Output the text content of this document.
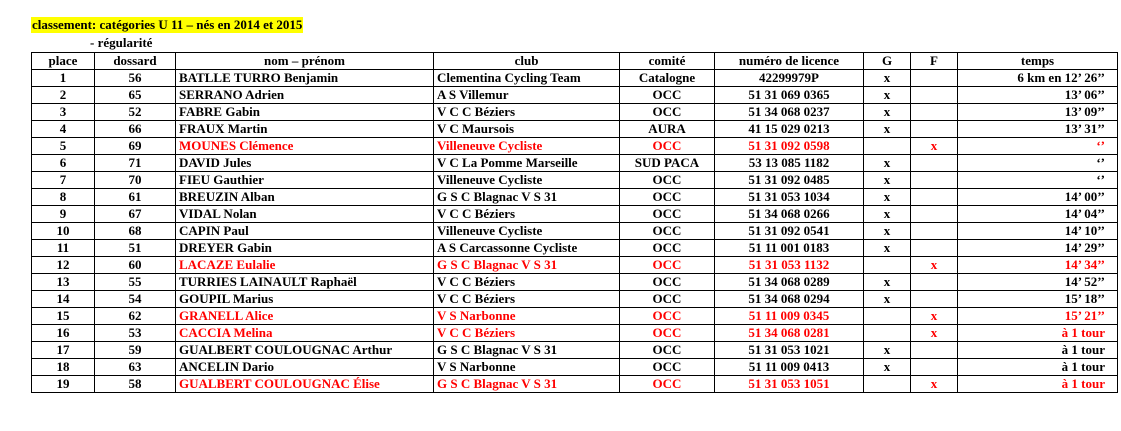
classement: catégories U 11 – nés en 2014 et 2015
- régularité
place	dossard	nom – prénom	club	comité	numéro de licence	G	F	temps
1	56	BATLLE TURRO Benjamin	Clementina Cycling Team	Catalogne	42299979P	x		6 km en 12’ 26’’
2	65	SERRANO Adrien	A S Villemur	OCC	51 31 069 0365	x		13’ 06’’
3	52	FABRE Gabin	V C C Béziers	OCC	51 34 068 0237	x		13’ 09’’
4	66	FRAUX Martin	V C Maursois	AURA	41 15 029 0213	x		13’ 31’’
5	69	MOUNES Clémence	Villeneuve Cycliste	OCC	51 31 092 0598		x	‘’
6	71	DAVID Jules	V C La Pomme Marseille	SUD PACA	53 13 085 1182	x		‘’
7	70	FIEU Gauthier	Villeneuve Cycliste	OCC	51 31 092 0485	x		‘’
8	61	BREUZIN Alban	G S C Blagnac V S 31	OCC	51 31 053 1034	x		14’ 00’’
9	67	VIDAL Nolan	V C C Béziers	OCC	51 34 068 0266	x		14’ 04’’
10	68	CAPIN Paul	Villeneuve Cycliste	OCC	51 31 092 0541	x		14’ 10’’
11	51	DREYER Gabin	A S Carcassonne Cycliste	OCC	51 11 001 0183	x		14’ 29’’
12	60	LACAZE Eulalie	G S C Blagnac V S 31	OCC	51 31 053 1132		x	14’ 34’’
13	55	TURRIES LAINAULT Raphaël	V C C Béziers	OCC	51 34 068 0289	x		14’ 52’’
14	54	GOUPIL Marius	V C C Béziers	OCC	51 34 068 0294	x		15’ 18’’
15	62	GRANELL Alice	V S Narbonne	OCC	51 11 009 0345		x	15’ 21’’
16	53	CACCIA Melina	V C C Béziers	OCC	51 34 068 0281		x	à 1 tour
17	59	GUALBERT COULOUGNAC Arthur	G S C Blagnac V S 31	OCC	51 31 053 1021	x		à 1 tour
18	63	ANCELIN Dario	V S Narbonne	OCC	51 11 009 0413	x		à 1 tour
19	58	GUALBERT COULOUGNAC Élise	G S C Blagnac V S 31	OCC	51 31 053 1051		x	à 1 tour
